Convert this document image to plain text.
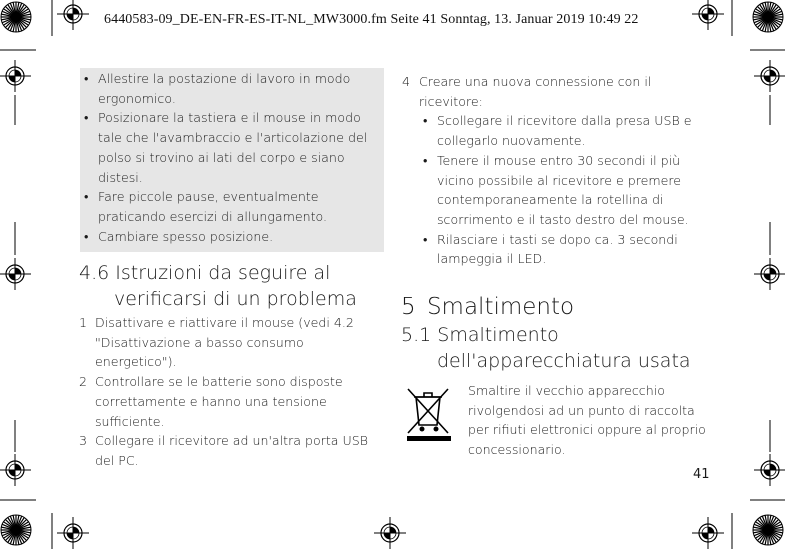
6440583-09_DE-EN-FR-ES-IT-NL_MW3000.fm Seite 41 Sonntag, 13. Januar 2019 10:49 22
• Allestire la postazione di lavoro in modo ergonomico.
• Posizionare la tastiera e il mouse in modo tale che l'avambraccio e l'articolazione del polso si trovino ai lati del corpo e siano distesi.
• Fare piccole pause, eventualmente praticando esercizi di allungamento.
• Cambiare spesso posizione.
4.6 Istruzioni da seguire al
verificarsi di un problema
1 Disattivare e riattivare il mouse (vedi 4.2 "Disattivazione a basso consumo energetico").
2 Controllare se le batterie sono disposte correttamente e hanno una tensione sufficiente.
3 Collegare il ricevitore ad un'altra porta USB del PC.
4 Creare una nuova connessione con il ricevitore:
• Scollegare il ricevitore dalla presa USB e collegarlo nuovamente.
• Tenere il mouse entro 30 secondi il più vicino possibile al ricevitore e premere contemporaneamente la rotellina di scorrimento e il tasto destro del mouse.
• Rilasciare i tasti se dopo ca. 3 secondi lampeggia il LED.
5 Smaltimento
5.1 Smaltimento
dell'apparecchiatura usata
Smaltire il vecchio apparecchio rivolgendosi ad un punto di raccolta per rifiuti elettronici oppure al proprio concessionario.
41
